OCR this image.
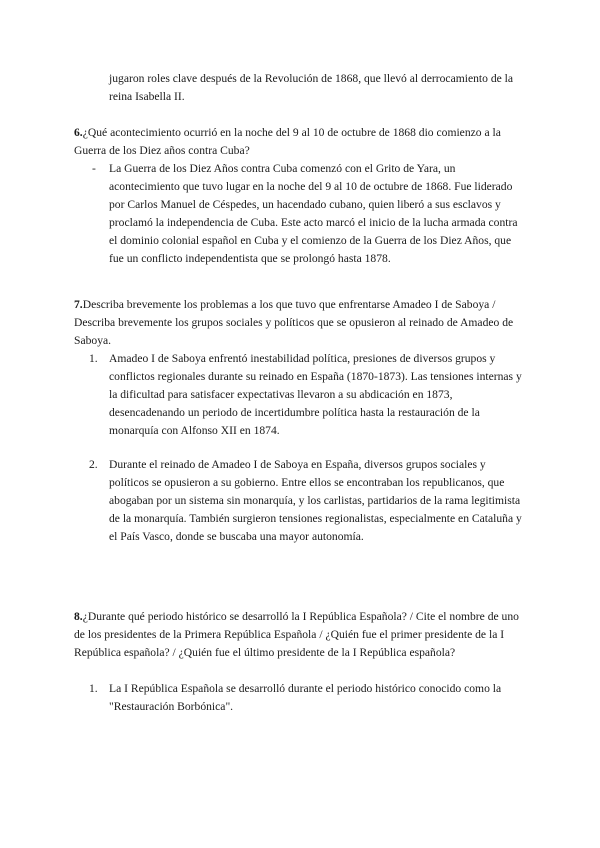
jugaron roles clave después de la Revolución de 1868, que llevó al derrocamiento de la reina Isabella II.

6.¿Qué acontecimiento ocurrió en la noche del 9 al 10 de octubre de 1868 dio comienzo a la Guerra de los Diez años contra Cuba?

- La Guerra de los Diez Años contra Cuba comenzó con el Grito de Yara, un acontecimiento que tuvo lugar en la noche del 9 al 10 de octubre de 1868. Fue liderado por Carlos Manuel de Céspedes, un hacendado cubano, quien liberó a sus esclavos y proclamó la independencia de Cuba. Este acto marcó el inicio de la lucha armada contra el dominio colonial español en Cuba y el comienzo de la Guerra de los Diez Años, que fue un conflicto independentista que se prolongó hasta 1878.

7.Describa brevemente los problemas a los que tuvo que enfrentarse Amadeo I de Saboya / Describa brevemente los grupos sociales y políticos que se opusieron al reinado de Amadeo de Saboya.

1. Amadeo I de Saboya enfrentó inestabilidad política, presiones de diversos grupos y conflictos regionales durante su reinado en España (1870-1873). Las tensiones internas y la dificultad para satisfacer expectativas llevaron a su abdicación en 1873, desencadenando un periodo de incertidumbre política hasta la restauración de la monarquía con Alfonso XII en 1874.

2. Durante el reinado de Amadeo I de Saboya en España, diversos grupos sociales y políticos se opusieron a su gobierno. Entre ellos se encontraban los republicanos, que abogaban por un sistema sin monarquía, y los carlistas, partidarios de la rama legitimista de la monarquía. También surgieron tensiones regionalistas, especialmente en Cataluña y el País Vasco, donde se buscaba una mayor autonomía.

8.¿Durante qué periodo histórico se desarrolló la I República Española? / Cite el nombre de uno de los presidentes de la Primera República Española / ¿Quién fue el primer presidente de la I República española? / ¿Quién fue el último presidente de la I República española?

1. La I República Española se desarrolló durante el periodo histórico conocido como la "Restauración Borbónica".
